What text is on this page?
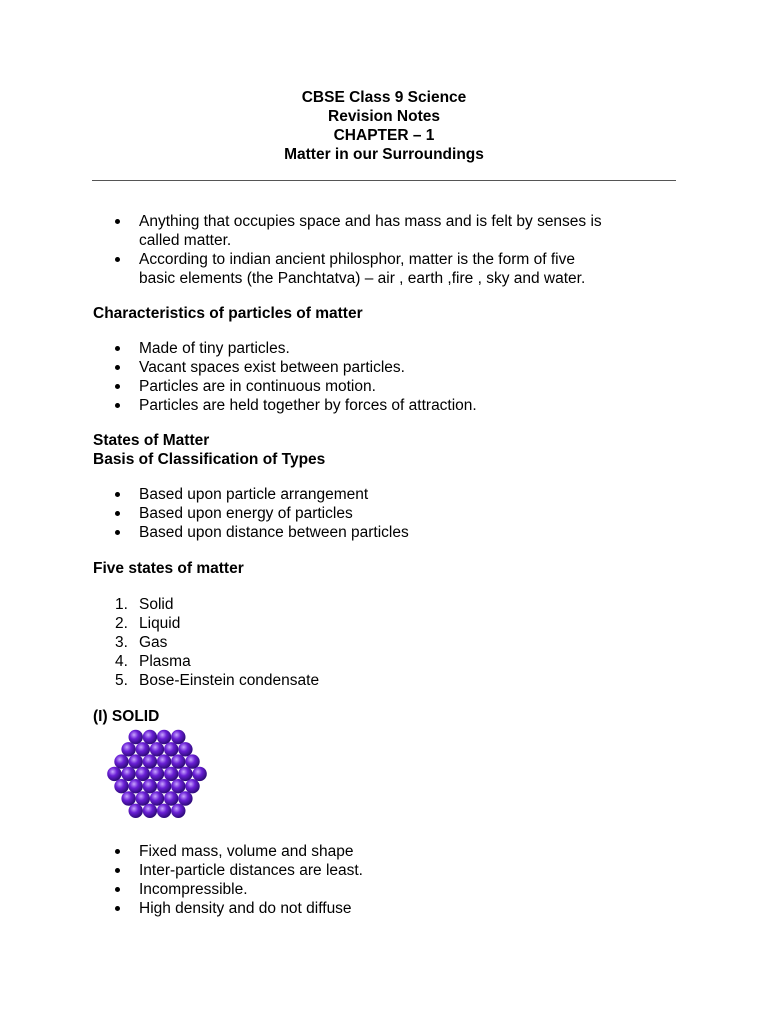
CBSE Class 9 Science
Revision Notes
CHAPTER – 1
Matter in our Surroundings
Anything that occupies space and has mass and is felt by senses is
called matter.
According to indian ancient philosphor, matter is the form of five
basic elements (the Panchtatva) – air , earth ,fire , sky and water.
Characteristics of particles of matter
Made of tiny particles.
Vacant spaces exist between particles.
Particles are in continuous motion.
Particles are held together by forces of attraction.
States of Matter
Basis of Classification of Types
Based upon particle arrangement
Based upon energy of particles
Based upon distance between particles
Five states of matter
1. Solid
2. Liquid
3. Gas
4. Plasma
5. Bose-Einstein condensate
(I) SOLID
Fixed mass, volume and shape
Inter-particle distances are least.
Incompressible.
High density and do not diffuse
